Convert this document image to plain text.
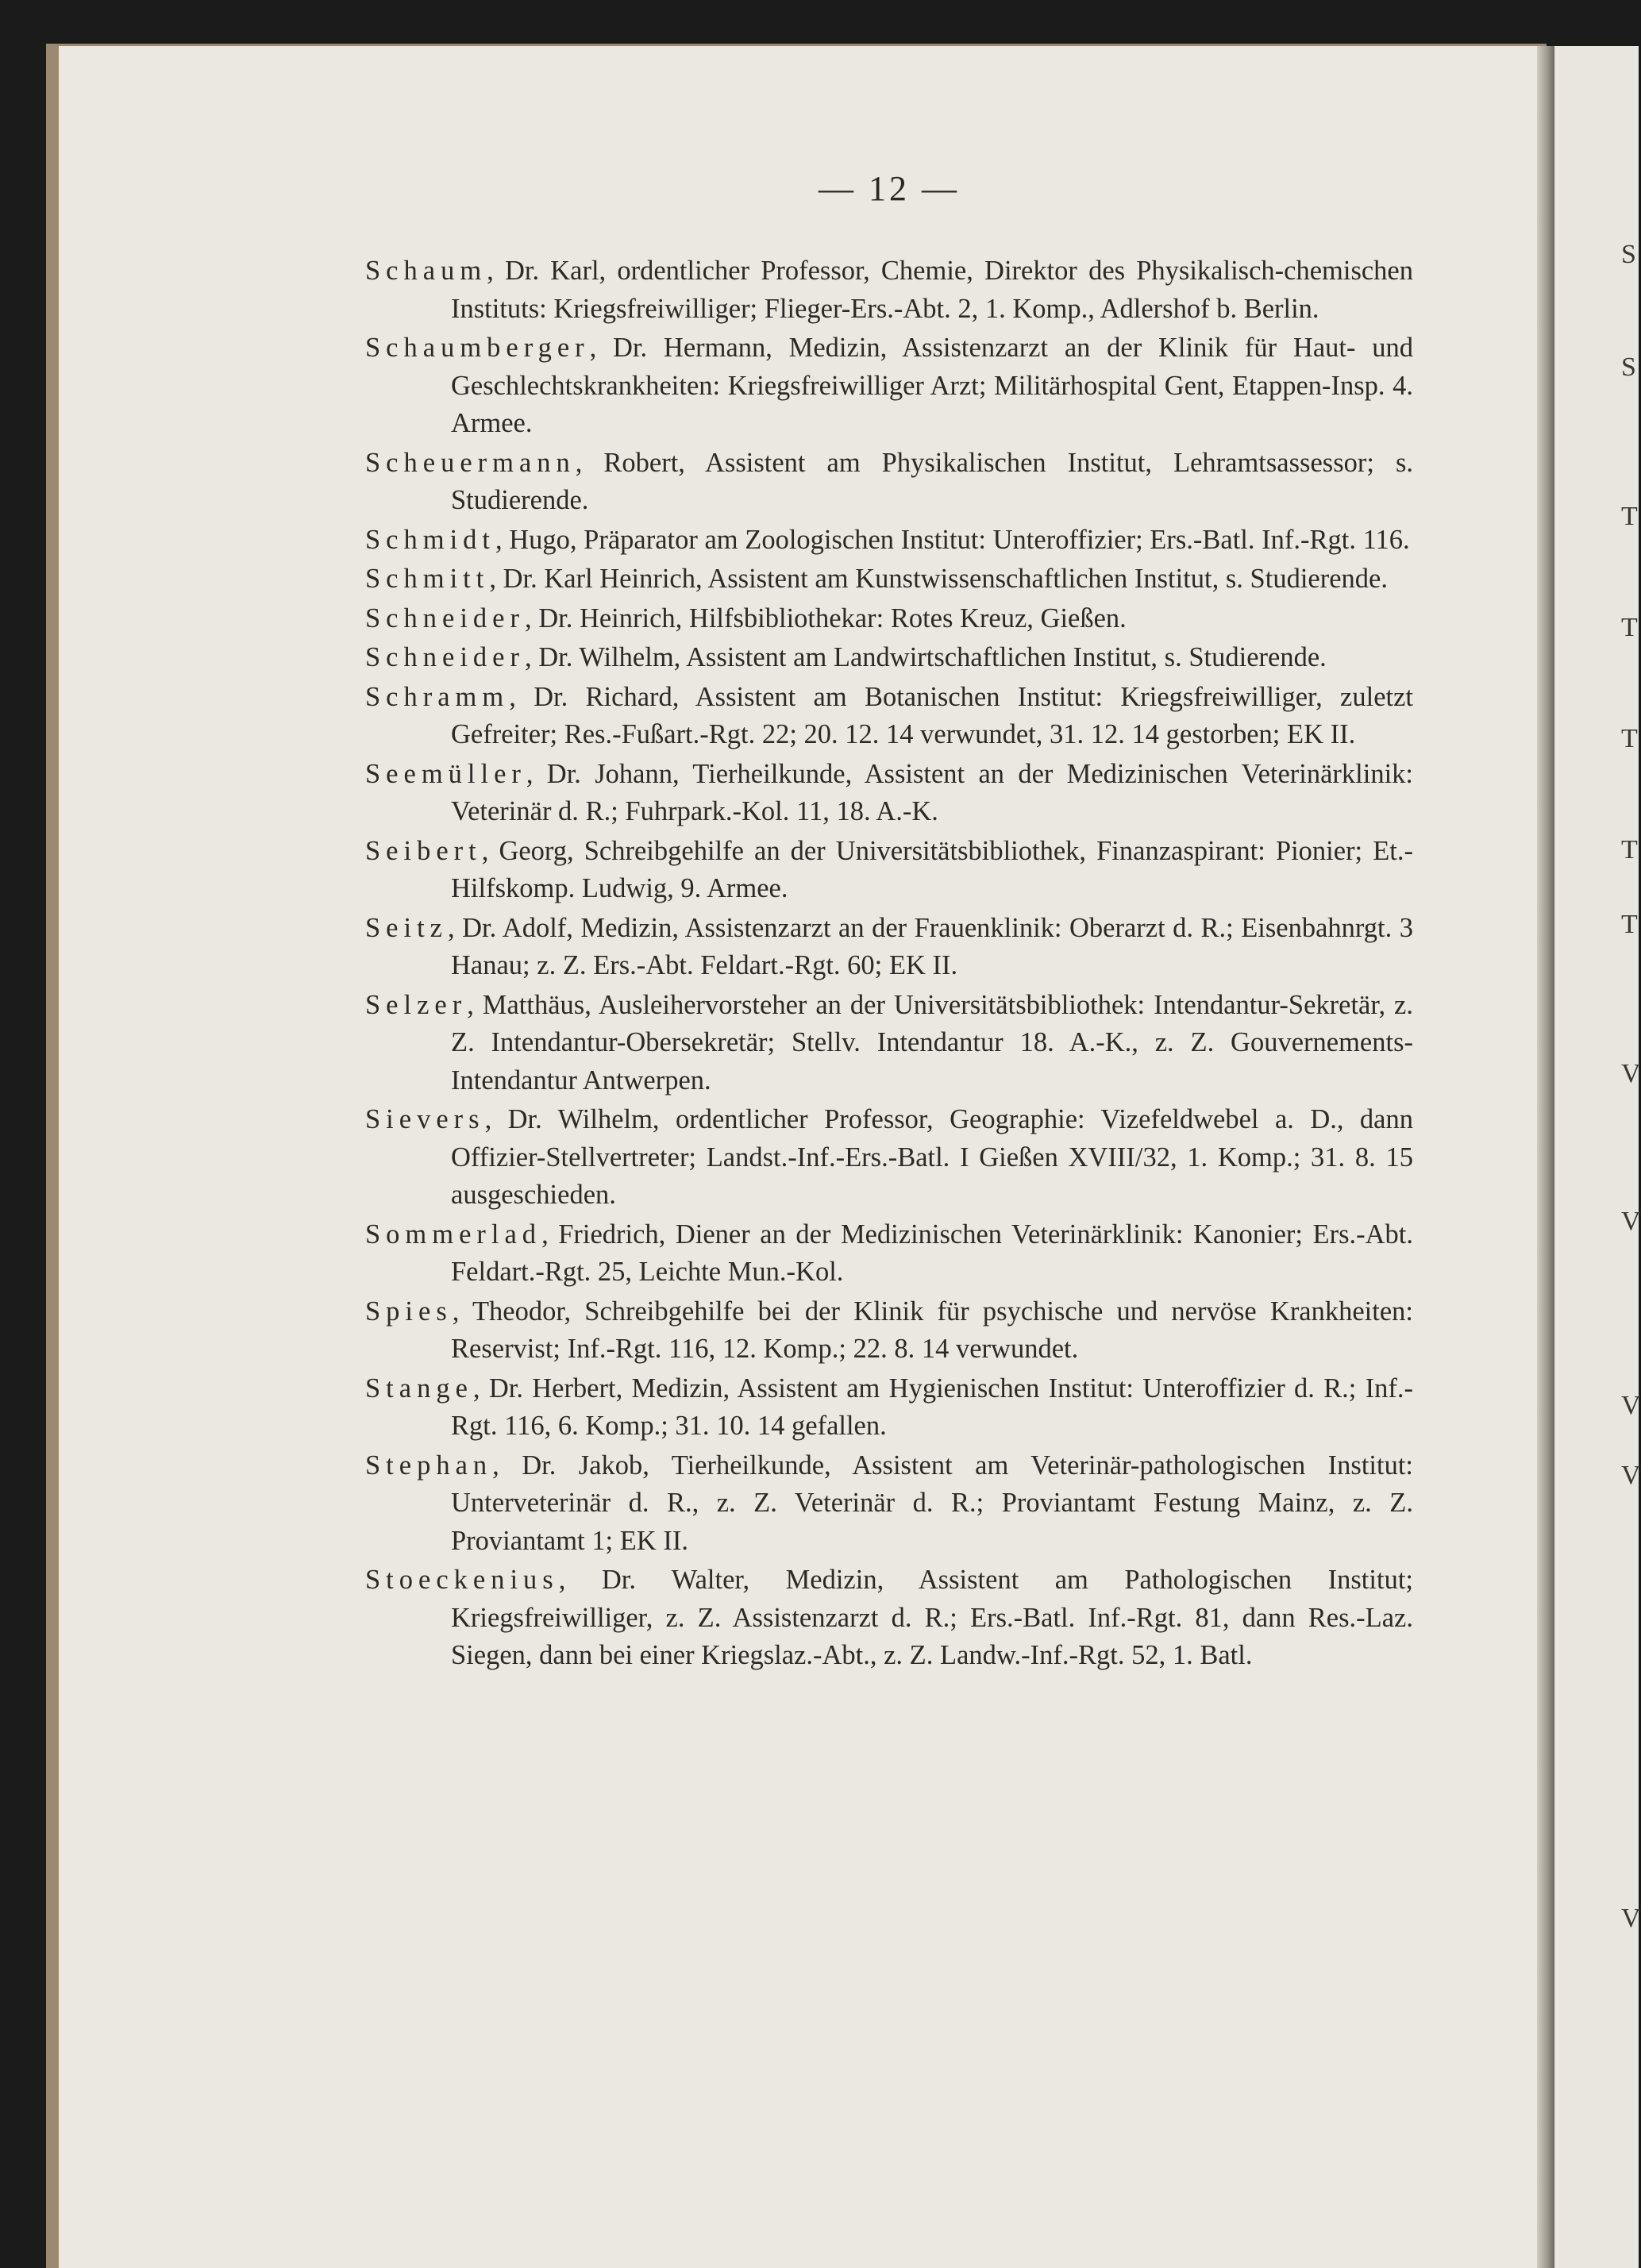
S
S
T
T
T
T
T
V
V
V
V
V
— 12 —

Schaum, Dr. Karl, ordentlicher Professor, Chemie, Direktor des Physikalisch-chemischen Instituts: Kriegsfreiwilliger; Flieger-Ers.-Abt. 2, 1. Komp., Adlershof b. Berlin.

Schaumberger, Dr. Hermann, Medizin, Assistenzarzt an der Klinik für Haut- und Geschlechtskrankheiten: Kriegsfreiwilliger Arzt; Militärhospital Gent, Etappen-Insp. 4. Armee.

Scheuermann, Robert, Assistent am Physikalischen Institut, Lehramtsassessor; s. Studierende.

Schmidt, Hugo, Präparator am Zoologischen Institut: Unteroffizier; Ers.-Batl. Inf.-Rgt. 116.

Schmitt, Dr. Karl Heinrich, Assistent am Kunstwissenschaftlichen Institut, s. Studierende.

Schneider, Dr. Heinrich, Hilfsbibliothekar: Rotes Kreuz, Gießen.

Schneider, Dr. Wilhelm, Assistent am Landwirtschaftlichen Institut, s. Studierende.

Schramm, Dr. Richard, Assistent am Botanischen Institut: Kriegsfreiwilliger, zuletzt Gefreiter; Res.-Fußart.-Rgt. 22; 20. 12. 14 verwundet, 31. 12. 14 gestorben; EK II.

Seemüller, Dr. Johann, Tierheilkunde, Assistent an der Medizinischen Veterinärklinik: Veterinär d. R.; Fuhrpark.-Kol. 11, 18. A.-K.

Seibert, Georg, Schreibgehilfe an der Universitätsbibliothek, Finanzaspirant: Pionier; Et.-Hilfskomp. Ludwig, 9. Armee.

Seitz, Dr. Adolf, Medizin, Assistenzarzt an der Frauenklinik: Oberarzt d. R.; Eisenbahnrgt. 3 Hanau; z. Z. Ers.-Abt. Feldart.-Rgt. 60; EK II.

Selzer, Matthäus, Ausleihervorsteher an der Universitätsbibliothek: Intendantur-Sekretär, z. Z. Intendantur-Obersekretär; Stellv. Intendantur 18. A.-K., z. Z. Gouvernements-Intendantur Antwerpen.

Sievers, Dr. Wilhelm, ordentlicher Professor, Geographie: Vizefeldwebel a. D., dann Offizier-Stellvertreter; Landst.-Inf.-Ers.-Batl. I Gießen XVIII/32, 1. Komp.; 31. 8. 15 ausgeschieden.

Sommerlad, Friedrich, Diener an der Medizinischen Veterinärklinik: Kanonier; Ers.-Abt. Feldart.-Rgt. 25, Leichte Mun.-Kol.

Spies, Theodor, Schreibgehilfe bei der Klinik für psychische und nervöse Krankheiten: Reservist; Inf.-Rgt. 116, 12. Komp.; 22. 8. 14 verwundet.

Stange, Dr. Herbert, Medizin, Assistent am Hygienischen Institut: Unteroffizier d. R.; Inf.-Rgt. 116, 6. Komp.; 31. 10. 14 gefallen.

Stephan, Dr. Jakob, Tierheilkunde, Assistent am Veterinär-pathologischen Institut: Unterveterinär d. R., z. Z. Veterinär d. R.; Proviantamt Festung Mainz, z. Z. Proviantamt 1; EK II.

Stoeckenius, Dr. Walter, Medizin, Assistent am Pathologischen Institut; Kriegsfreiwilliger, z. Z. Assistenzarzt d. R.; Ers.-Batl. Inf.-Rgt. 81, dann Res.-Laz. Siegen, dann bei einer Kriegslaz.-Abt., z. Z. Landw.-Inf.-Rgt. 52, 1. Batl.
